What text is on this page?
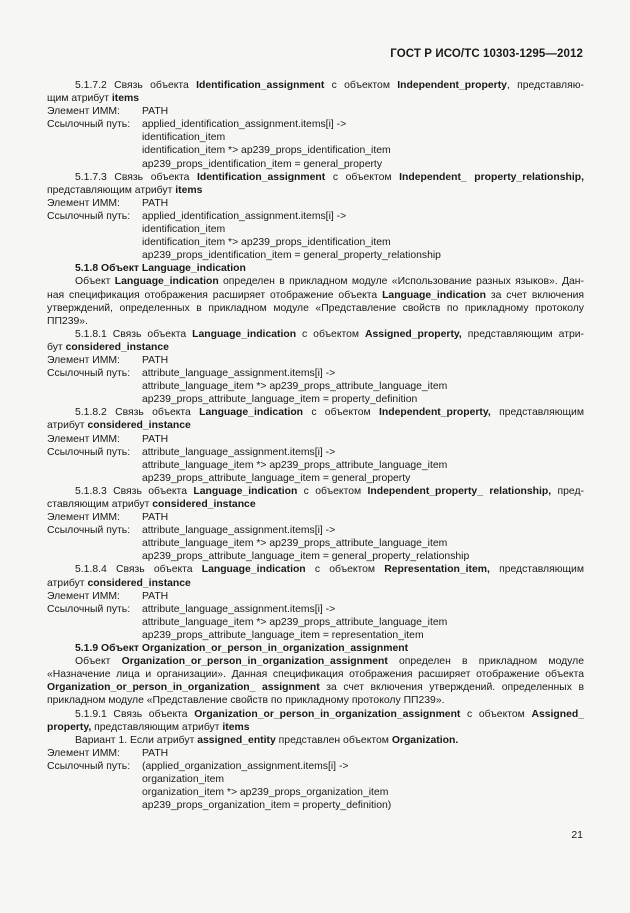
ГОСТ Р ИСО/ТС 10303-1295—2012
5.1.7.2 Связь объекта Identification_assignment с объектом Independent_property, представляю-
щим атрибут items
Элемент ИММ: PATH
Ссылочный путь: applied_identification_assignment.items[i] ->
identification_item
identification_item *> ap239_props_identification_item
ap239_props_identification_item = general_property
5.1.7.3 Связь объекта Identification_assignment с объектом Independent_ property_relationship,
представляющим атрибут items
Элемент ИММ: PATH
Ссылочный путь: applied_identification_assignment.items[i] ->
identification_item
identification_item *> ap239_props_identification_item
ap239_props_identification_item = general_property_relationship
5.1.8 Объект Language_indication
Объект Language_indication определен в прикладном модуле «Использование разных языков». Дан-
ная спецификация отображения расширяет отображение объекта Language_indication за счет включения
утверждений, определенных в прикладном модуле «Представление свойств по прикладному протоколу
ПП239».
5.1.8.1 Связь объекта Language_indication с объектом Assigned_property, представляющим атри-
бут considered_instance
Элемент ИММ: PATH
Ссылочный путь: attribute_language_assignment.items[i] ->
attribute_language_item *> ap239_props_attribute_language_item
ap239_props_attribute_language_item = property_definition
5.1.8.2 Связь объекта Language_indication с объектом Independent_property, представляющим
атрибут considered_instance
Элемент ИММ: PATH
Ссылочный путь: attribute_language_assignment.items[i] ->
attribute_language_item *> ap239_props_attribute_language_item
ap239_props_attribute_language_item = general_property
5.1.8.3 Связь объекта Language_indication с объектом Independent_property_ relationship, пред-
ставляющим атрибут considered_instance
Элемент ИММ: PATH
Ссылочный путь: attribute_language_assignment.items[i] ->
attribute_language_item *> ap239_props_attribute_language_item
ap239_props_attribute_language_item = general_property_relationship
5.1.8.4 Связь объекта Language_indication с объектом Representation_item, представляющим
атрибут considered_instance
Элемент ИММ: PATH
Ссылочный путь: attribute_language_assignment.items[i] ->
attribute_language_item *> ap239_props_attribute_language_item
ap239_props_attribute_language_item = representation_item
5.1.9 Объект Organization_or_person_in_organization_assignment
Объект Organization_or_person_in_organization_assignment определен в прикладном модуле
«Назначение лица и организации». Данная спецификация отображения расширяет отображение объекта
Organization_or_person_in_organization_ assignment за счет включения утверждений. определенных в
прикладном модуле «Представление свойств по прикладному протоколу ПП239».
5.1.9.1 Связь объекта Organization_or_person_in_organization_assignment с объектом Assigned_
property, представляющим атрибут items
Вариант 1. Если атрибут assigned_entity представлен объектом Organization.
Элемент ИММ: PATH
Ссылочный путь: (applied_organization_assignment.items[i] ->
organization_item
organization_item *> ap239_props_organization_item
ap239_props_organization_item = property_definition)
21
